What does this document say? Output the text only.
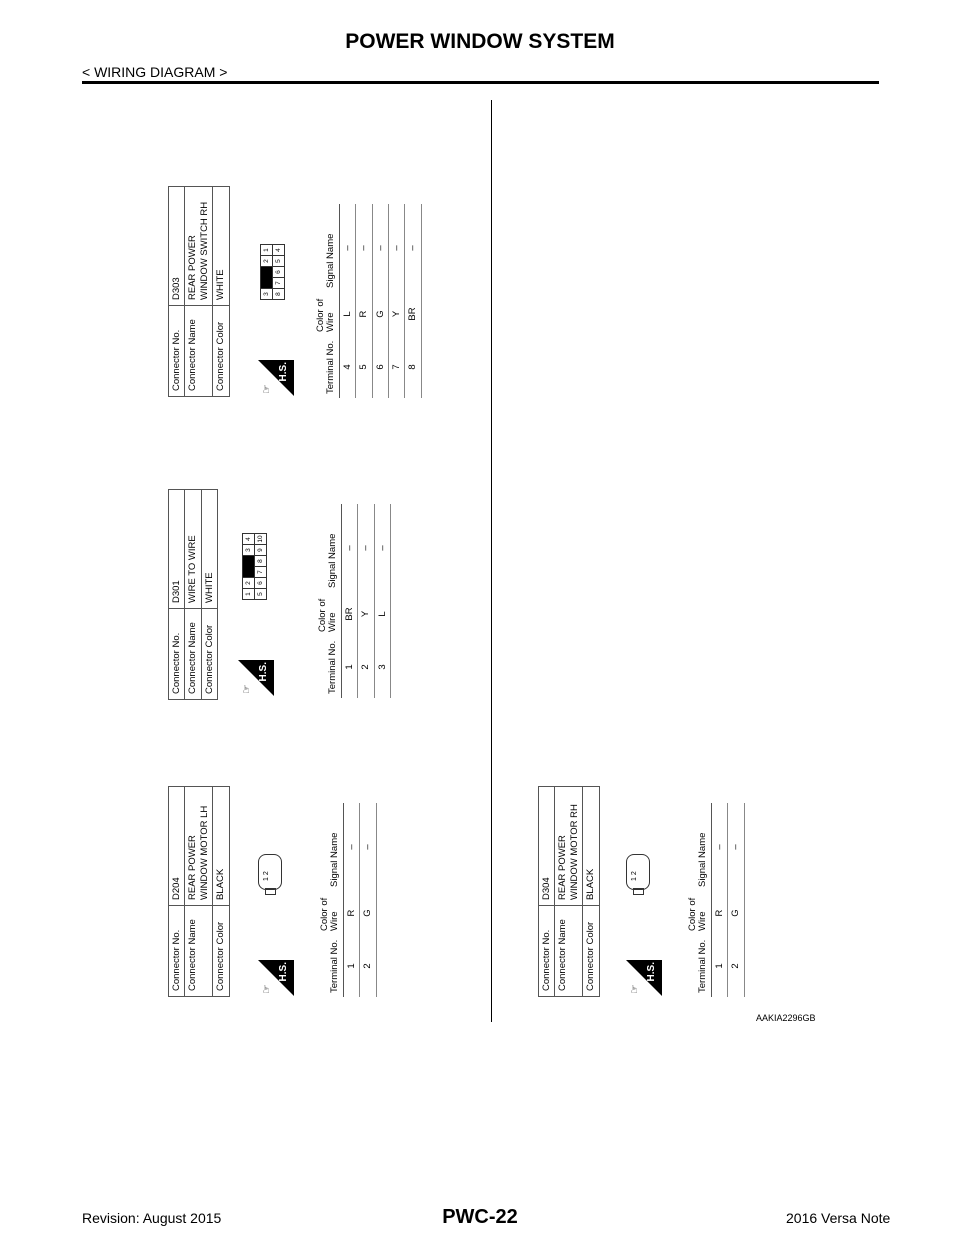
POWER WINDOW SYSTEM
< WIRING DIAGRAM >
Connector No.	D204
Connector Name	REAR POWER WINDOW MOTOR LH
Connector Color	BLACK
☞
H.S.
1 2
Terminal No.	Color of Wire	Signal Name
1	R	–
2	G	–
Connector No.	D301
Connector Name	WIRE TO WIRE
Connector Color	WHITE
☞
H.S.
1	2			3	4
5	6	7	8	9	10
Terminal No.	Color of Wire	Signal Name
1	BR	–
2	Y	–
3	L	–
Connector No.	D303
Connector Name	REAR POWER WINDOW SWITCH RH
Connector Color	WHITE
☞
H.S.
3			2	1
8	7	6	5	4
Terminal No.	Color of Wire	Signal Name
4	L	–
5	R	–
6	G	–
7	Y	–
8	BR	–
Connector No.	D304
Connector Name	REAR POWER WINDOW MOTOR RH
Connector Color	BLACK
☞
H.S.
1 2
Terminal No.	Color of Wire	Signal Name
1	R	–
2	G	–
AAKIA2296GB
Revision: August 2015	PWC-22	2016 Versa Note
